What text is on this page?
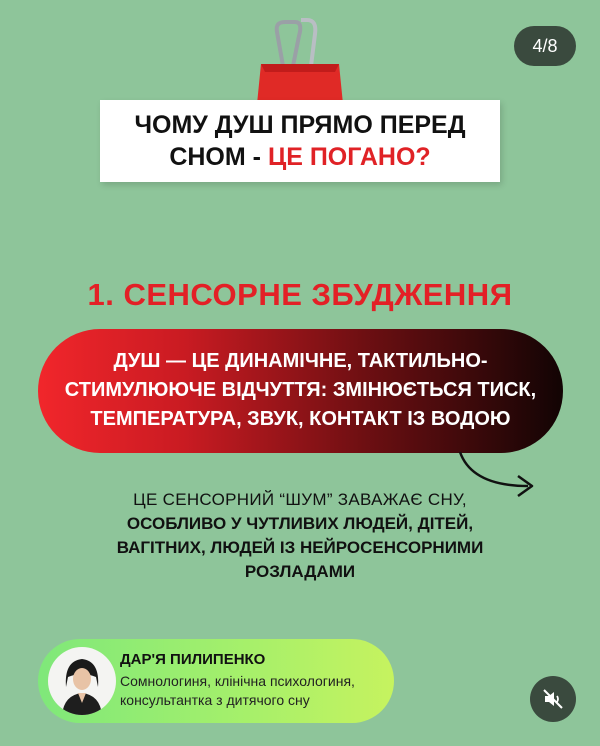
4/8
ЧОМУ ДУШ ПРЯМО ПЕРЕД
СНОМ - ЦЕ ПОГАНО?
1. СЕНСОРНЕ ЗБУДЖЕННЯ
ДУШ — ЦЕ ДИНАМІЧНЕ, ТАКТИЛЬНО-
СТИМУЛЮЮЧЕ ВІДЧУТТЯ: ЗМІНЮЄТЬСЯ ТИСК,
ТЕМПЕРАТУРА, ЗВУК, КОНТАКТ ІЗ ВОДОЮ
ЦЕ СЕНСОРНИЙ “ШУМ” ЗАВАЖАЄ СНУ,
ОСОБЛИВО У ЧУТЛИВИХ ЛЮДЕЙ, ДІТЕЙ,
ВАГІТНИХ, ЛЮДЕЙ ІЗ НЕЙРОСЕНСОРНИМИ
РОЗЛАДАМИ
ДАР'Я ПИЛИПЕНКО
Сомнологиня, клінічна психологиня,
консультантка з дитячого сну
